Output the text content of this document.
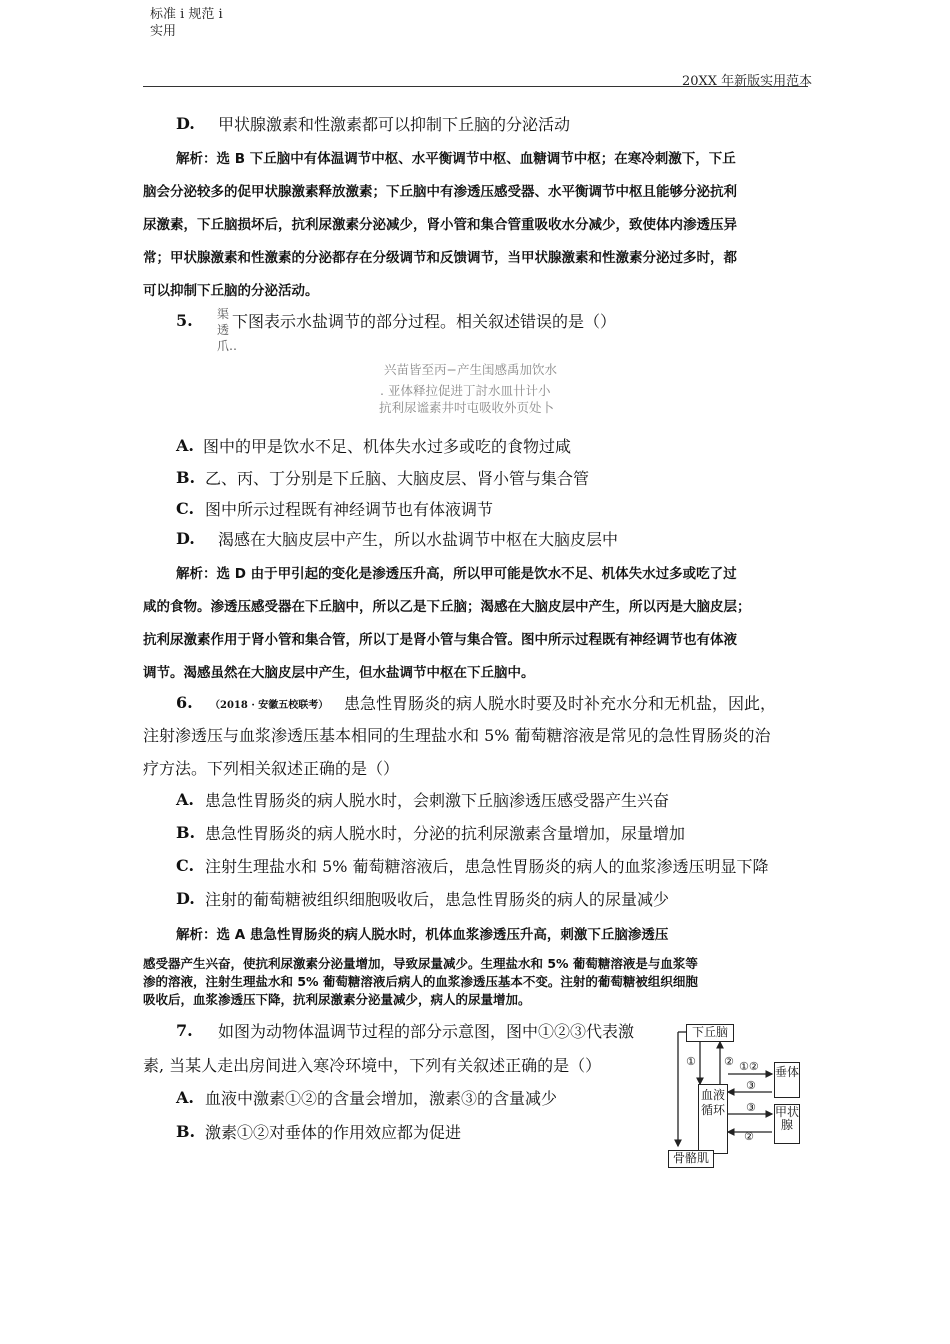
标准 i 规范 i
实用
20XX 年新版实用范本
D. 甲状腺激素和性激素都可以抑制下丘脑的分泌活动
解析：选 B 下丘脑中有体温调节中枢、水平衡调节中枢、血糖调节中枢；在寒冷刺激下，下丘
脑会分泌较多的促甲状腺激素释放激素；下丘脑中有渗透压感受器、水平衡调节中枢且能够分泌抗利
尿激素，下丘脑损坏后，抗利尿激素分泌减少，肾小管和集合管重吸收水分减少，致使体内渗透压异
常；甲状腺激素和性激素的分泌都存在分级调节和反馈调节，当甲状腺激素和性激素分泌过多时，都
可以抑制下丘脑的分泌活动。
5. 下图表示水盐调节的部分过程。相关叙述错误的是（）
渠透爪‥
兴苗皆至丙−产生闺感禹加饮水
. 亚体释拉促进丁討水皿卄计小
抗利尿谧素井吋屯吸收外页处卜
A. 图中的甲是饮水不足、机体失水过多或吃的食物过咸
B. 乙、丙、丁分别是下丘脑、大脑皮层、肾小管与集合管
C. 图中所示过程既有神经调节也有体液调节
D. 渴感在大脑皮层中产生，所以水盐调节中枢在大脑皮层中
解析：选 D 由于甲引起的变化是渗透压升高，所以甲可能是饮水不足、机体失水过多或吃了过
咸的食物。渗透压感受器在下丘脑中，所以乙是下丘脑；渴感在大脑皮层中产生，所以丙是大脑皮层；
抗利尿激素作用于肾小管和集合管，所以丁是肾小管与集合管。图中所示过程既有神经调节也有体液
调节。渴感虽然在大脑皮层中产生，但水盐调节中枢在下丘脑中。
6. （2018 · 安徽五校联考） 患急性胃肠炎的病人脱水时要及时补充水分和无机盐，因此，
注射渗透压与血浆渗透压基本相同的生理盐水和 5% 葡萄糖溶液是常见的急性胃肠炎的治
疗方法。下列相关叙述正确的是（）
A. 患急性胃肠炎的病人脱水时，会刺激下丘脑渗透压感受器产生兴奋
B. 患急性胃肠炎的病人脱水时，分泌的抗利尿激素含量增加，尿量增加
C. 注射生理盐水和 5% 葡萄糖溶液后，患急性胃肠炎的病人的血浆渗透压明显下降
D. 注射的葡萄糖被组织细胞吸收后，患急性胃肠炎的病人的尿量减少
解析：选 A 患急性胃肠炎的病人脱水时，机体血浆渗透压升高，刺激下丘脑渗透压
感受器产生兴奋，使抗利尿激素分泌量增加，导致尿量减少。生理盐水和 5% 葡萄糖溶液是与血浆等
渗的溶液，注射生理盐水和 5% 葡萄糖溶液后病人的血浆渗透压基本不变。注射的葡萄糖被组织细胞
吸收后，血浆渗透压下降，抗利尿激素分泌量减少，病人的尿量增加。
7. 如图为动物体温调节过程的部分示意图，图中①②③代表激
素, 当某人走出房间进入寒冷环境中，下列有关叙述正确的是（）
A. 血液中激素①②的含量会增加，激素③的含量减少
B. 激素①②对垂体的作用效应都为促进
下丘脑
血液循环
垂体
甲状腺
骨骼肌
①	② ①②
③
③
②
